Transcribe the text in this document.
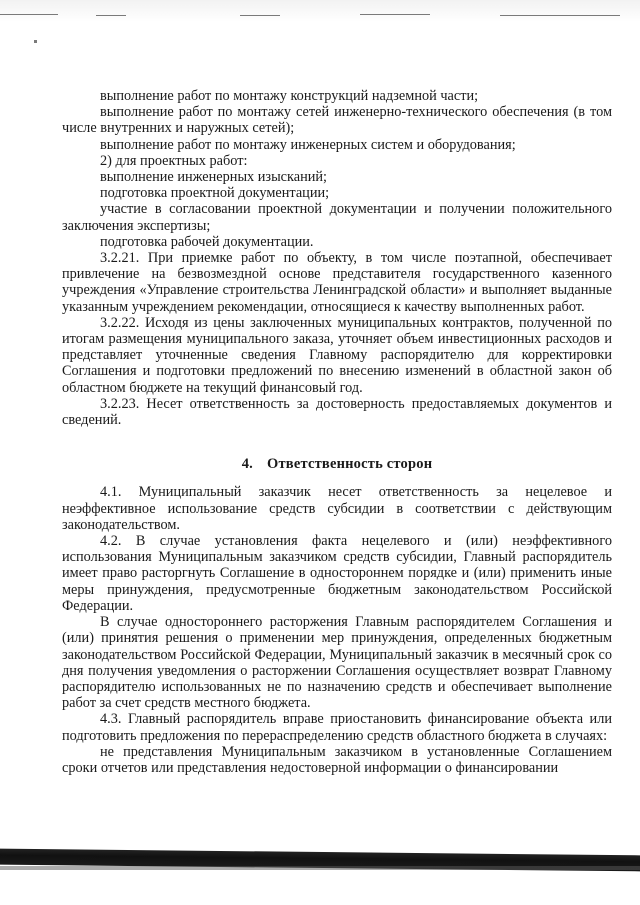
выполнение работ по монтажу конструкций надземной части;

выполнение работ по монтажу сетей инженерно-технического обеспечения (в том числе внутренних и наружных сетей);

выполнение работ по монтажу инженерных систем и оборудования;

2) для проектных работ:

выполнение инженерных изысканий;

подготовка проектной документации;

участие в согласовании проектной документации и получении положительного заключения экспертизы;

подготовка рабочей документации.

3.2.21. При приемке работ по объекту, в том числе поэтапной, обеспечивает привлечение на безвозмездной основе представителя государственного казенного учреждения «Управление строительства Ленинградской области» и выполняет выданные указанным учреждением рекомендации, относящиеся к качеству выполненных работ.

3.2.22. Исходя из цены заключенных муниципальных контрактов, полученной по итогам размещения муниципального заказа, уточняет объем инвестиционных расходов и представляет уточненные сведения Главному распорядителю для корректировки Соглашения и подготовки предложений по внесению изменений в областной закон об областном бюджете на текущий финансовый год.

3.2.23. Несет ответственность за достоверность предоставляемых документов и сведений.

4. Ответственность сторон

4.1. Муниципальный заказчик несет ответственность за нецелевое и неэффективное использование средств субсидии в соответствии с действующим законодательством.

4.2. В случае установления факта нецелевого и (или) неэффективного использования Муниципальным заказчиком средств субсидии, Главный распорядитель имеет право расторгнуть Соглашение в одностороннем порядке и (или) применить иные меры принуждения, предусмотренные бюджетным законодательством Российской Федерации.

В случае одностороннего расторжения Главным распорядителем Соглашения и (или) принятия решения о применении мер принуждения, определенных бюджетным законодательством Российской Федерации, Муниципальный заказчик в месячный срок со дня получения уведомления о расторжении Соглашения осуществляет возврат Главному распорядителю использованных не по назначению средств и обеспечивает выполнение работ за счет средств местного бюджета.

4.3. Главный распорядитель вправе приостановить финансирование объекта или подготовить предложения по перераспределению средств областного бюджета в случаях:

не представления Муниципальным заказчиком в установленные Соглашением сроки отчетов или представления недостоверной информации о финансировании
